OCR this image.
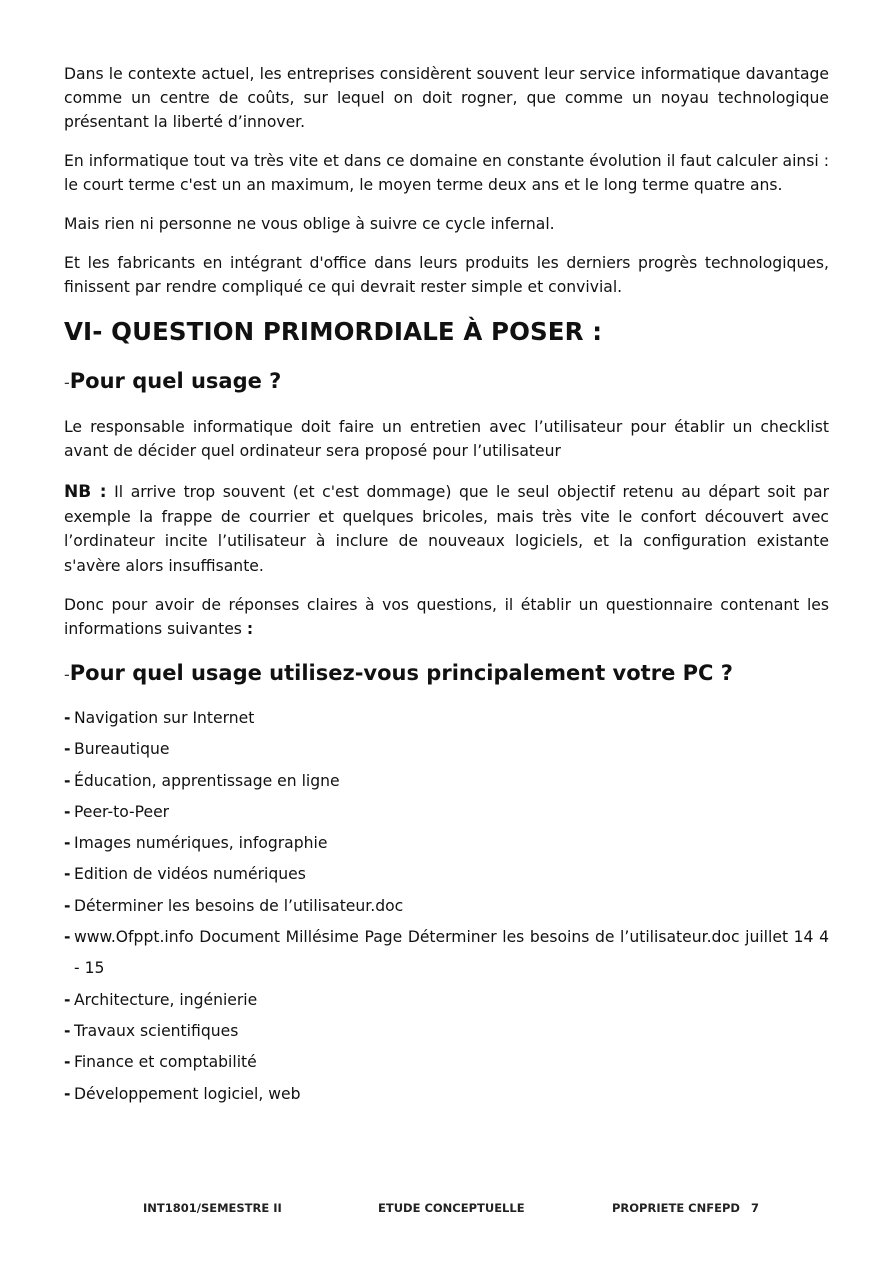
Dans le contexte actuel, les entreprises considèrent souvent leur service informatique davantage comme un centre de coûts, sur lequel on doit rogner, que comme un noyau technologique présentant la liberté d’innover.

En informatique tout va très vite et dans ce domaine en constante évolution il faut calculer ainsi : le court terme c'est un an maximum, le moyen terme deux ans et le long terme quatre ans.

Mais rien ni personne ne vous oblige à suivre ce cycle infernal.

Et les fabricants en intégrant d'office dans leurs produits les derniers progrès technologiques, finissent par rendre compliqué ce qui devrait rester simple et convivial.

VI- QUESTION PRIMORDIALE À POSER :
-Pour quel usage ?

Le responsable informatique doit faire un entretien avec l’utilisateur pour établir un checklist avant de décider quel ordinateur sera proposé pour l’utilisateur

NB : Il arrive trop souvent (et c'est dommage) que le seul objectif retenu au départ soit par exemple la frappe de courrier et quelques bricoles, mais très vite le confort découvert avec l’ordinateur incite l’utilisateur à inclure de nouveaux logiciels, et la configuration existante s'avère alors insuffisante.

Donc pour avoir de réponses claires à vos questions, il établir un questionnaire contenant les informations suivantes :

-Pour quel usage utilisez-vous principalement votre PC ?
- Navigation sur Internet
- Bureautique
- Éducation, apprentissage en ligne
- Peer-to-Peer
- Images numériques, infographie
- Edition de vidéos numériques
- Déterminer les besoins de l’utilisateur.doc
- www.Ofppt.info Document Millésime Page Déterminer les besoins de l’utilisateur.doc juillet 14 4 - 15
- Architecture, ingénierie
- Travaux scientifiques
- Finance et comptabilité
- Développement logiciel, web
INT1801/SEMESTRE II	ETUDE CONCEPTUELLE	PROPRIETE CNFEPD 7
